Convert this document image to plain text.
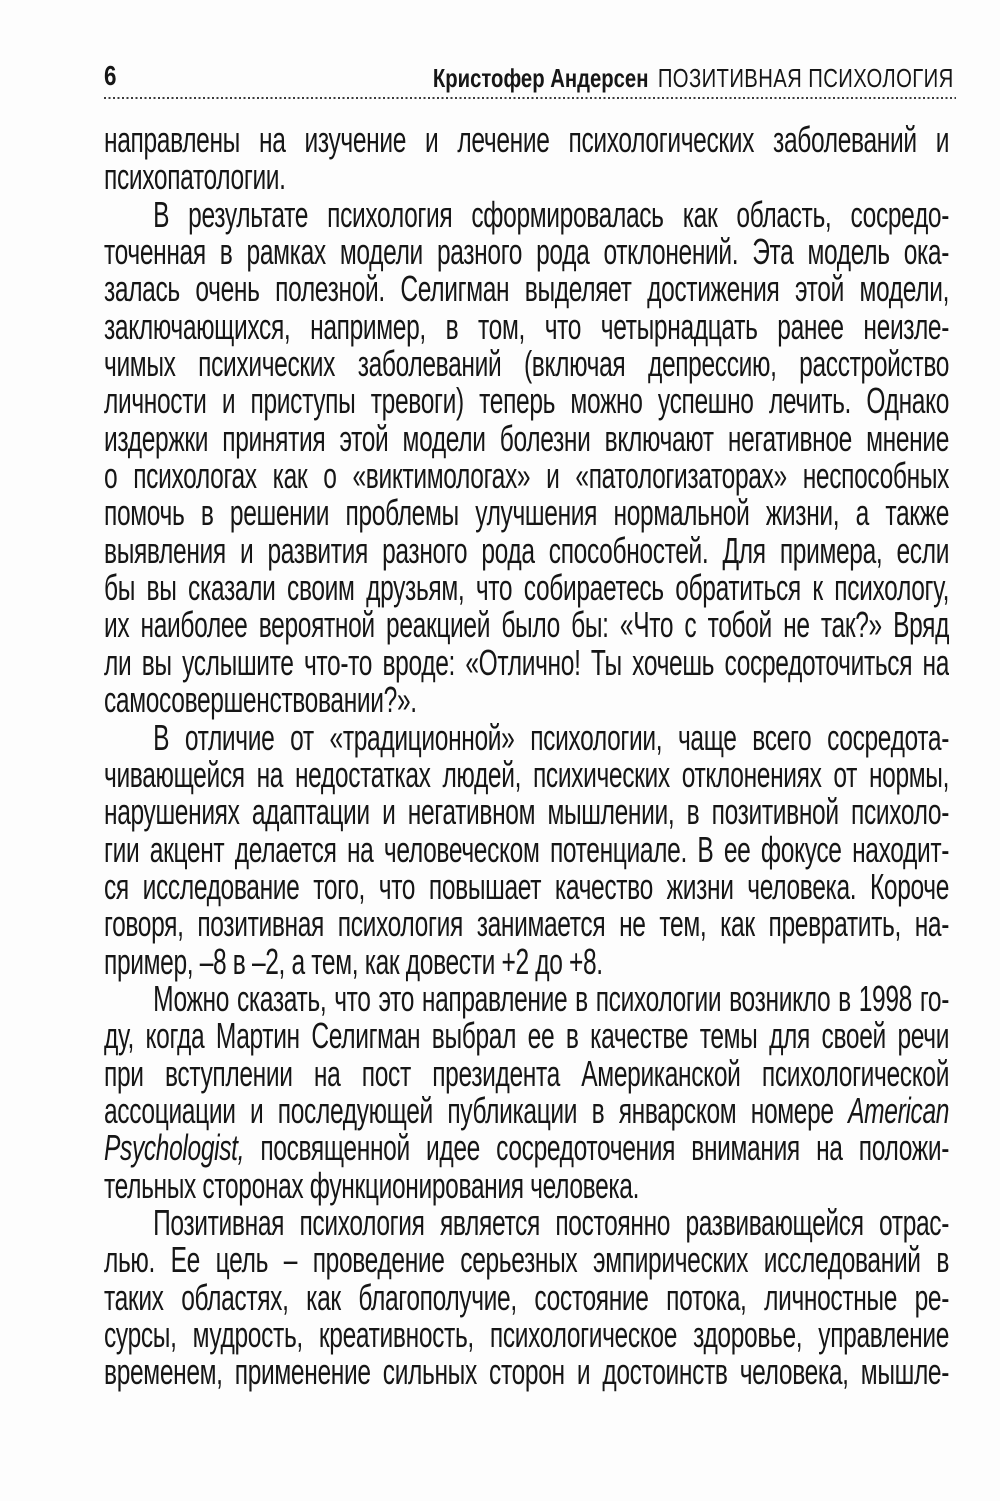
6	Кристофер Андерсен ПОЗИТИВНАЯ ПСИХОЛОГИЯ
направлены на изучение и лечение психологических заболеваний и
психопатологии.
В результате психология сформировалась как область, сосредо-
точенная в рамках модели разного рода отклонений. Эта модель ока-
залась очень полезной. Селигман выделяет достижения этой модели,
заключающихся, например, в том, что четырнадцать ранее неизле-
чимых психических заболеваний (включая депрессию, расстройство
личности и приступы тревоги) теперь можно успешно лечить. Однако
издержки принятия этой модели болезни включают негативное мнение
о психологах как о «виктимологах» и «патологизаторах» неспособных
помочь в решении проблемы улучшения нормальной жизни, а также
выявления и развития разного рода способностей. Для примера, если
бы вы сказали своим друзьям, что собираетесь обратиться к психологу,
их наиболее вероятной реакцией было бы: «Что с тобой не так?» Вряд
ли вы услышите что-то вроде: «Отлично! Ты хочешь сосредоточиться на
самосовершенствовании?».
В отличие от «традиционной» психологии, чаще всего сосредота-
чивающейся на недостатках людей, психических отклонениях от нормы,
нарушениях адаптации и негативном мышлении, в позитивной психоло-
гии акцент делается на человеческом потенциале. В ее фокусе находит-
ся исследование того, что повышает качество жизни человека. Короче
говоря, позитивная психология занимается не тем, как превратить, на-
пример, –8 в –2, а тем, как довести +2 до +8.
Можно сказать, что это направление в психологии возникло в 1998 го-
ду, когда Мартин Селигман выбрал ее в качестве темы для своей речи
при вступлении на пост президента Американской психологической
ассоциации и последующей публикации в январском номере American
Psychologist, посвященной идее сосредоточения внимания на положи-
тельных сторонах функционирования человека.
Позитивная психология является постоянно развивающейся отрас-
лью. Ее цель – проведение серьезных эмпирических исследований в
таких областях, как благополучие, состояние потока, личностные ре-
сурсы, мудрость, креативность, психологическое здоровье, управление
временем, применение сильных сторон и достоинств человека, мышле-
